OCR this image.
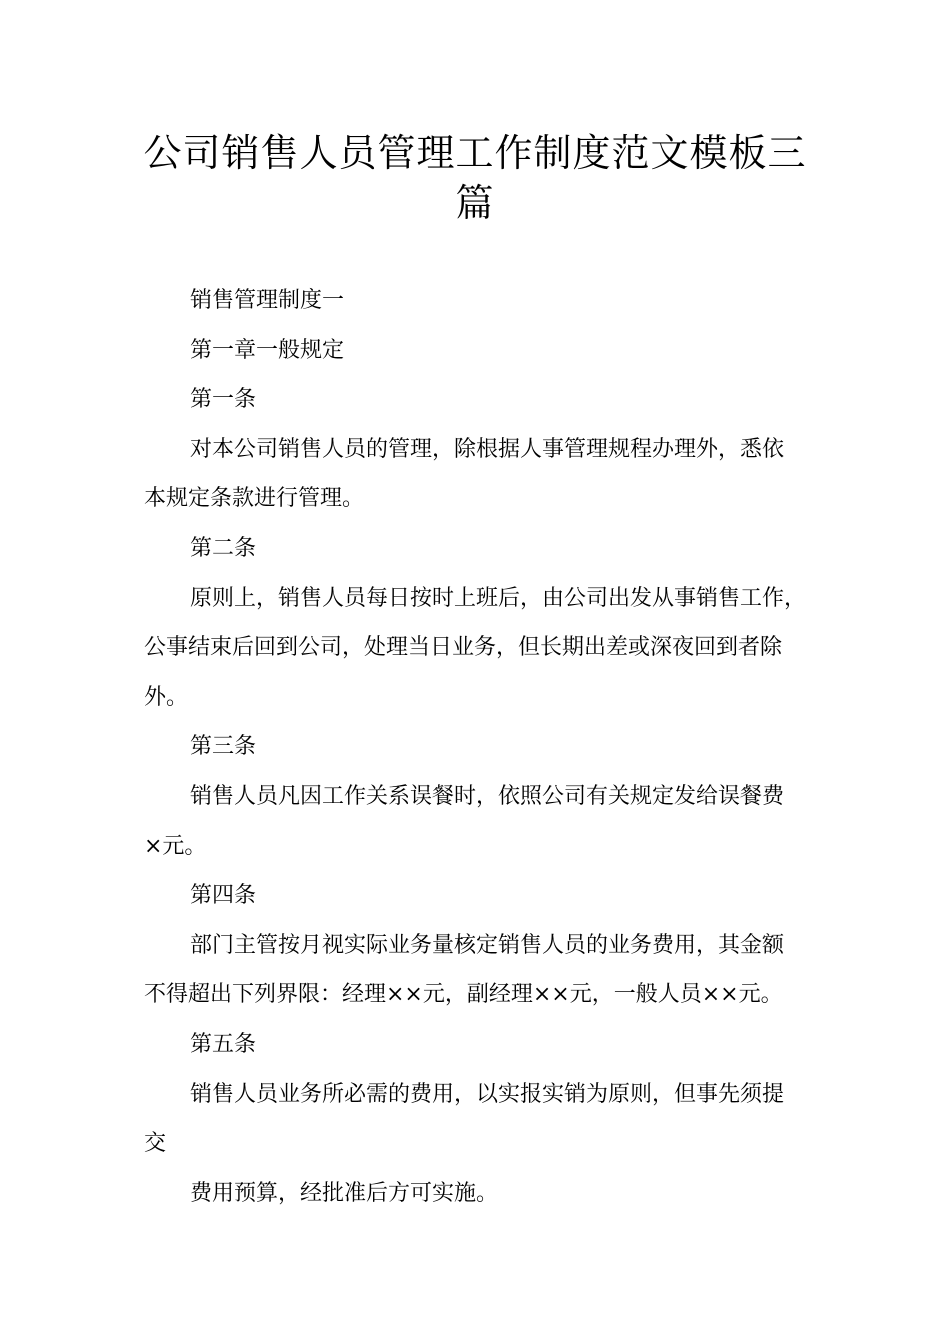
公司销售人员管理工作制度范文模板三
篇
销售管理制度一
第一章一般规定
第一条
对本公司销售人员的管理，除根据人事管理规程办理外，悉依
本规定条款进行管理。
第二条
原则上，销售人员每日按时上班后，由公司出发从事销售工作，
公事结束后回到公司，处理当日业务，但长期出差或深夜回到者除
外。
第三条
销售人员凡因工作关系误餐时，依照公司有关规定发给误餐费
×元。
第四条
部门主管按月视实际业务量核定销售人员的业务费用，其金额
不得超出下列界限：经理××元，副经理××元，一般人员××元。
第五条
销售人员业务所必需的费用，以实报实销为原则，但事先须提
交
费用预算，经批准后方可实施。
